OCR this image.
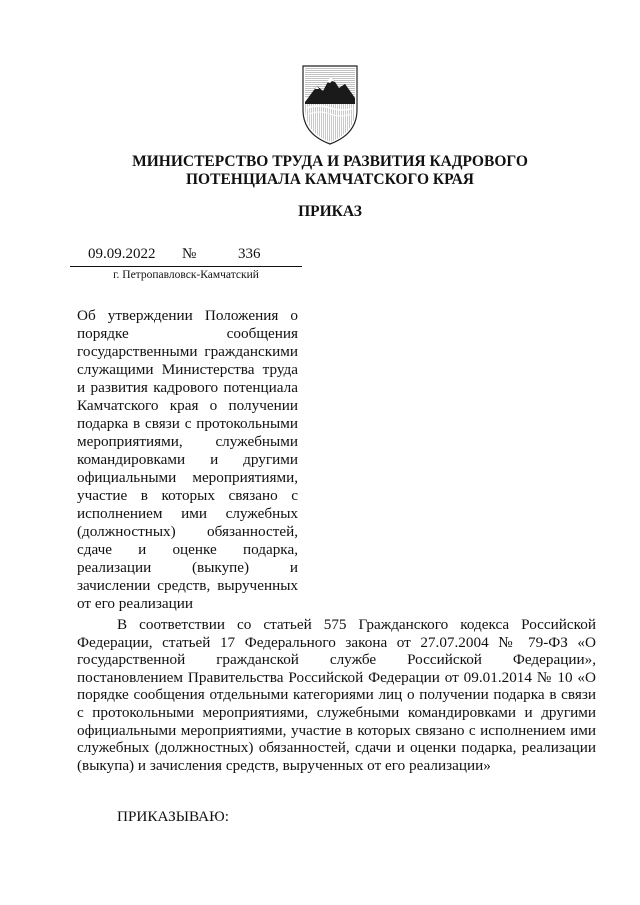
МИНИСТЕРСТВО ТРУДА И РАЗВИТИЯ КАДРОВОГО
ПОТЕНЦИАЛА КАМЧАТСКОГО КРАЯ
ПРИКАЗ
09.09.2022 №	336
г. Петропавловск-Камчатский
Об утверждении Положения о порядке сообщения государственными гражданскими служащими Министерства труда и развития кадрового потенциала Камчатского края о получении подарка в связи с протокольными мероприятиями, служебными командировками и другими официальными мероприятиями, участие в которых связано с исполнением ими служебных (должностных) обязанностей, сдаче и оценке подарка, реализации (выкупе) и зачислении средств, вырученных от его реализации
В соответствии со статьей 575 Гражданского кодекса Российской Федерации, статьей 17 Федерального закона от 27.07.2004 № 79-ФЗ «О государственной гражданской службе Российской Федерации», постановлением Правительства Российской Федерации от 09.01.2014 № 10 «О порядке сообщения отдельными категориями лиц о получении подарка в связи с протокольными мероприятиями, служебными командировками и другими официальными мероприятиями, участие в которых связано с исполнением ими служебных (должностных) обязанностей, сдачи и оценки подарка, реализации (выкупа) и зачисления средств, вырученных от его реализации»
ПРИКАЗЫВАЮ:
